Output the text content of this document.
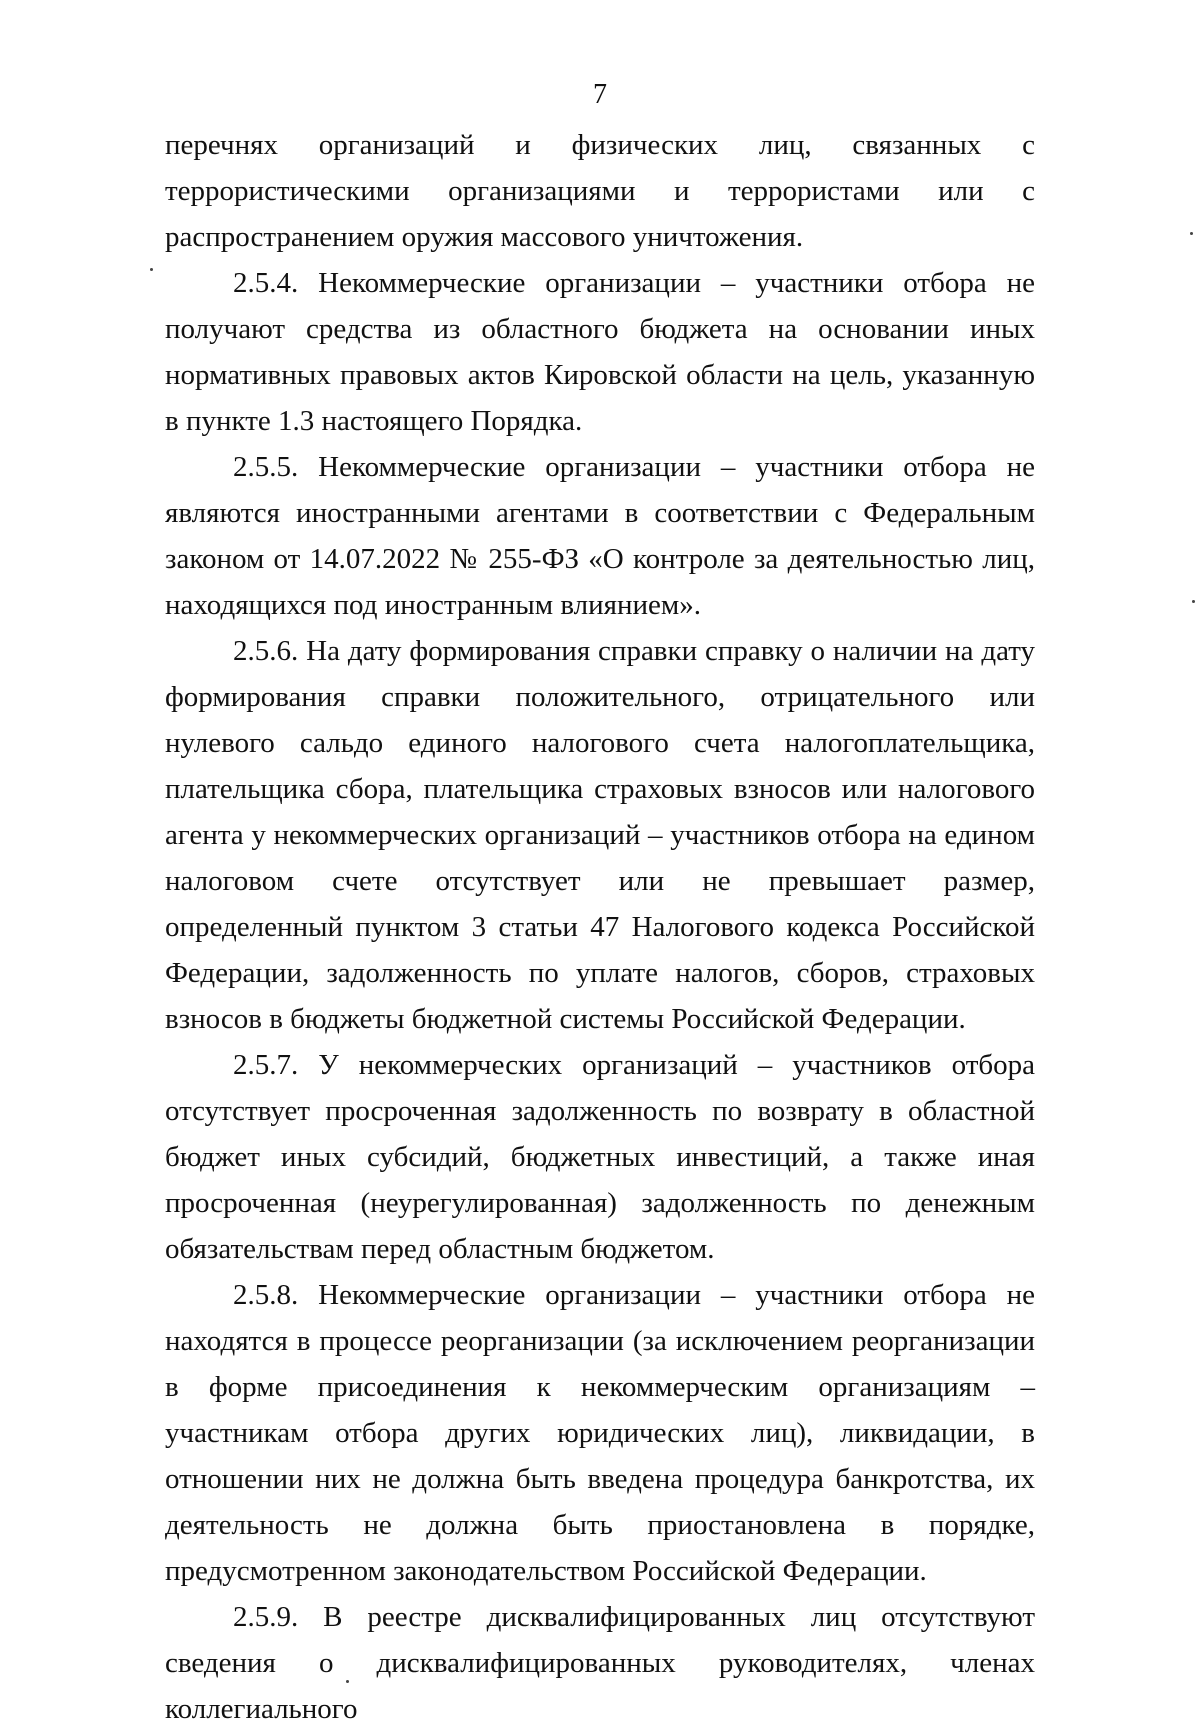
7

перечнях организаций и физических лиц, связанных с террористическими организациями и террористами или с распространением оружия массового уничтожения.

2.5.4. Некоммерческие организации – участники отбора не получают средства из областного бюджета на основании иных нормативных правовых актов Кировской области на цель, указанную в пункте 1.3 настоящего Порядка.

2.5.5. Некоммерческие организации – участники отбора не являются иностранными агентами в соответствии с Федеральным законом от 14.07.2022 № 255-ФЗ «О контроле за деятельностью лиц, находящихся под иностранным влиянием».

2.5.6. На дату формирования справки справку о наличии на дату формирования справки положительного, отрицательного или нулевого сальдо единого налогового счета налогоплательщика, плательщика сбора, плательщика страховых взносов или налогового агента у некоммерческих организаций – участников отбора на едином налоговом счете отсутствует или не превышает размер, определенный пунктом 3 статьи 47 Налогового кодекса Российской Федерации, задолженность по уплате налогов, сборов, страховых взносов в бюджеты бюджетной системы Российской Федерации.

2.5.7. У некоммерческих организаций – участников отбора отсутствует просроченная задолженность по возврату в областной бюджет иных субсидий, бюджетных инвестиций, а также иная просроченная (неурегулированная) задолженность по денежным обязательствам перед областным бюджетом.

2.5.8. Некоммерческие организации – участники отбора не находятся в процессе реорганизации (за исключением реорганизации в форме присоединения к некоммерческим организациям – участникам отбора других юридических лиц), ликвидации, в отношении них не должна быть введена процедура банкротства, их деятельность не должна быть приостановлена в порядке, предусмотренном законодательством Российской Федерации.

2.5.9. В реестре дисквалифицированных лиц отсутствуют сведения о дисквалифицированных руководителях, членах коллегиального
